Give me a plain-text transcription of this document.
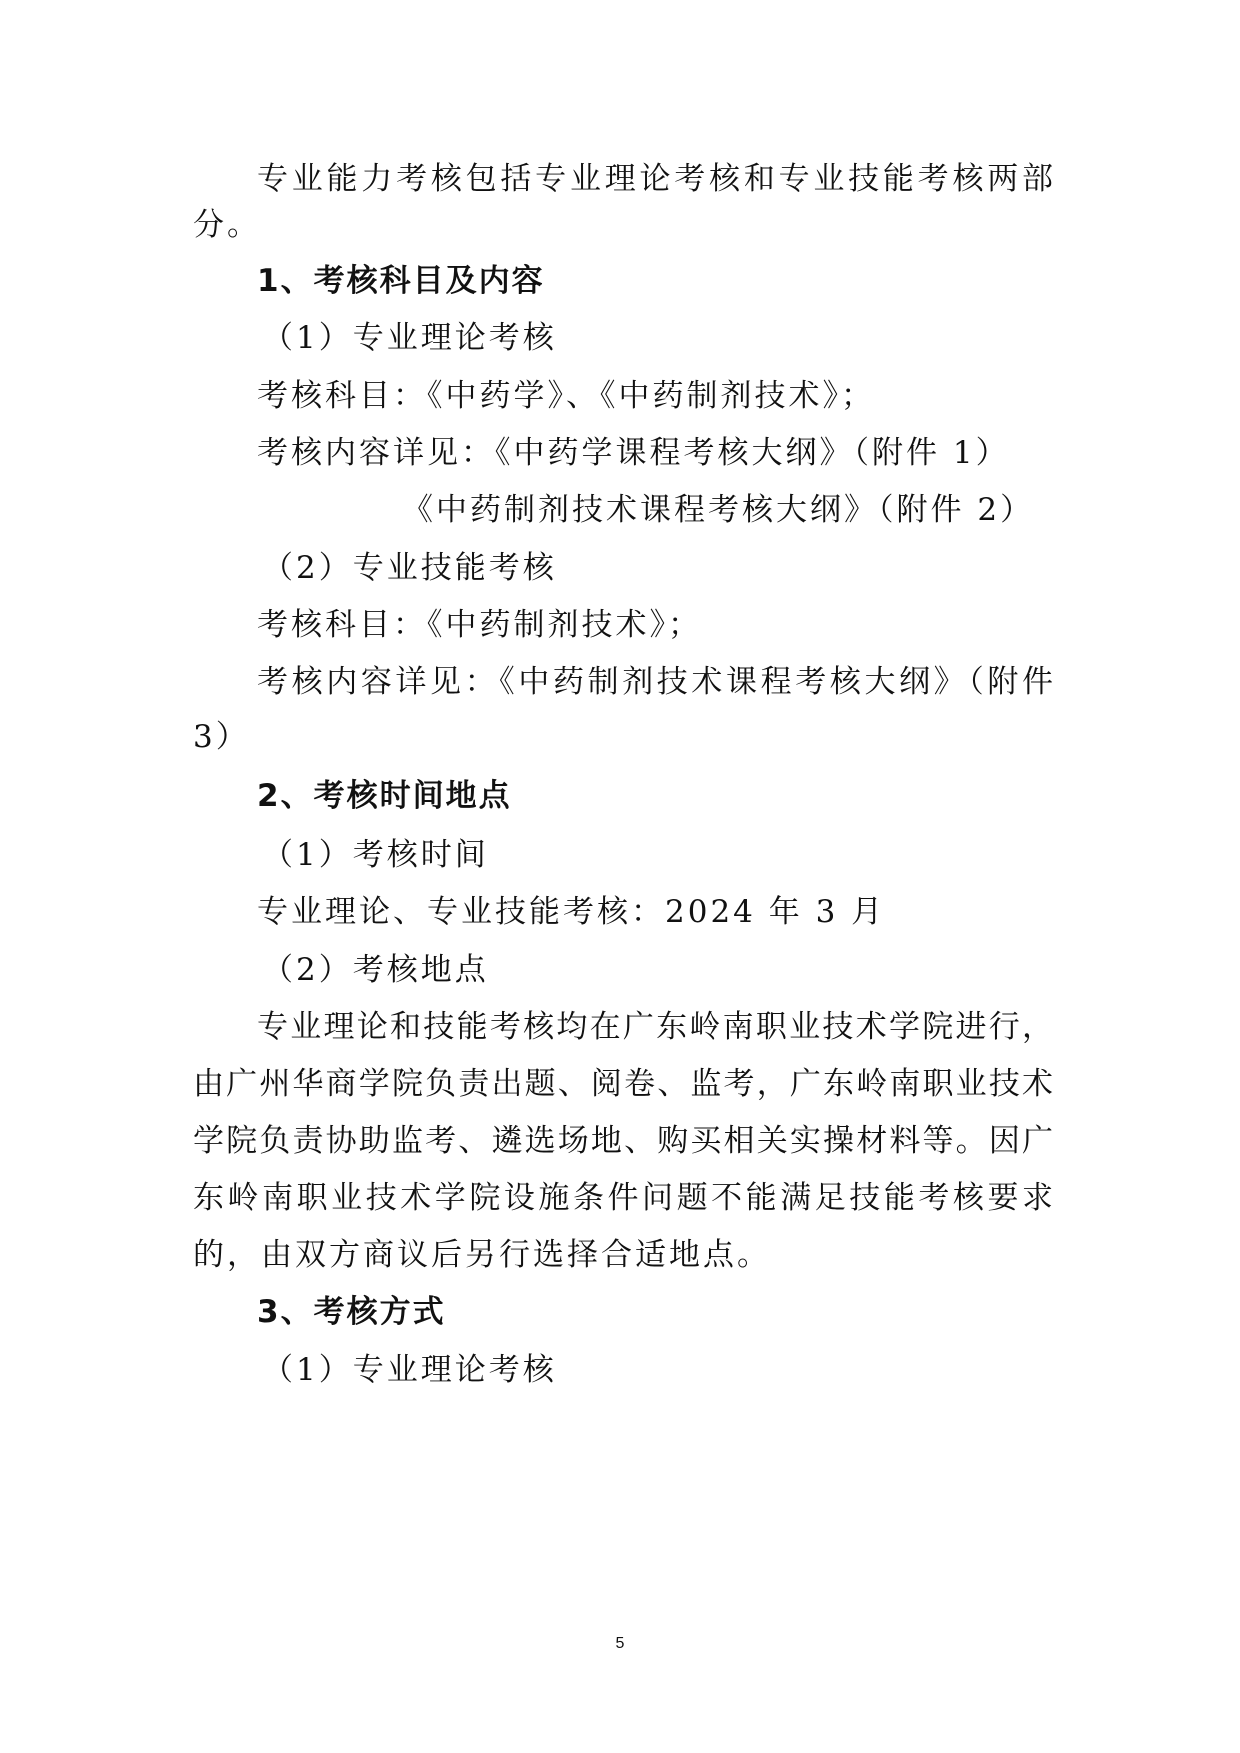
专业能力考核包括专业理论考核和专业技能考核两部
分。
1、考核科目及内容
（1）专业理论考核
考核科目：《中药学》、《中药制剂技术》；
考核内容详见：《中药学课程考核大纲》（附件 1）
《中药制剂技术课程考核大纲》（附件 2）
（2）专业技能考核
考核科目：《中药制剂技术》；
考核内容详见：《中药制剂技术课程考核大纲》（附件
3）
2、考核时间地点
（1）考核时间
专业理论、专业技能考核：2024 年 3 月
（2）考核地点
专业理论和技能考核均在广东岭南职业技术学院进行，
由广州华商学院负责出题、阅卷、监考，广东岭南职业技术
学院负责协助监考、遴选场地、购买相关实操材料等。因广
东岭南职业技术学院设施条件问题不能满足技能考核要求
的，由双方商议后另行选择合适地点。
3、考核方式
（1）专业理论考核
5
